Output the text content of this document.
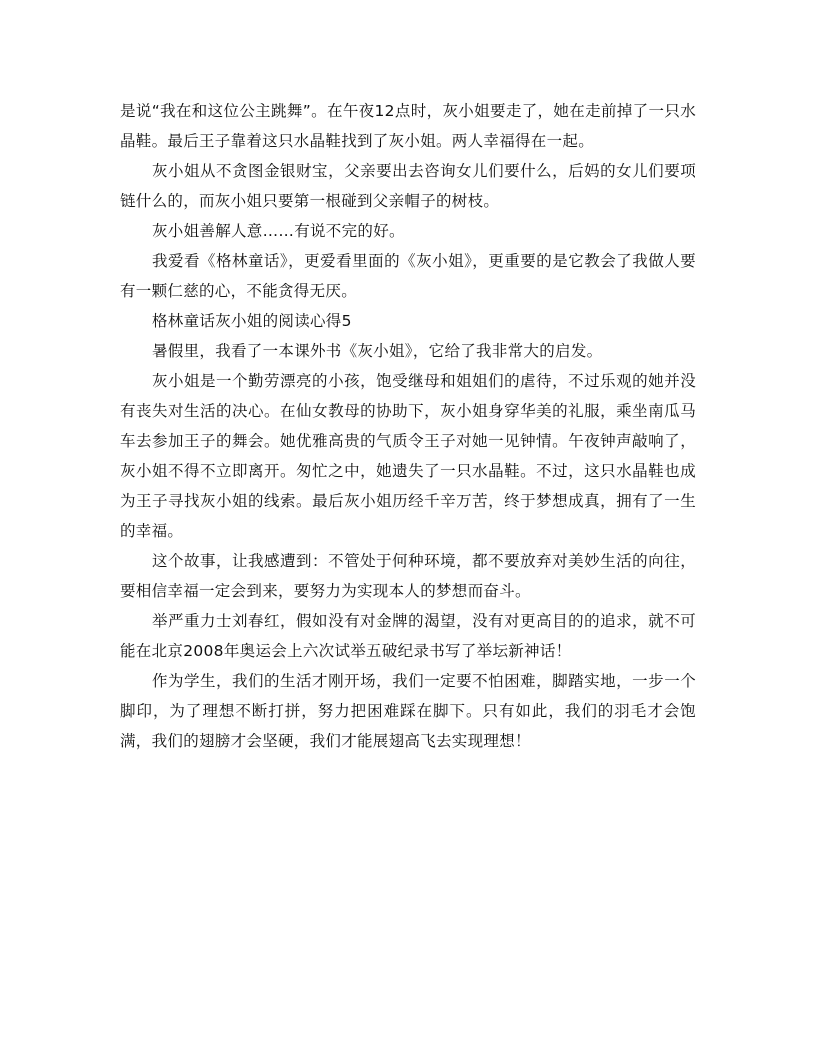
是说“我在和这位公主跳舞”。在午夜12点时，灰小姐要走了，她在走前掉了一只水晶鞋。最后王子靠着这只水晶鞋找到了灰小姐。两人幸福得在一起。

灰小姐从不贪图金银财宝，父亲要出去咨询女儿们要什么，后妈的女儿们要项链什么的，而灰小姐只要第一根碰到父亲帽子的树枝。

灰小姐善解人意……有说不完的好。

我爱看《格林童话》，更爱看里面的《灰小姐》，更重要的是它教会了我做人要有一颗仁慈的心，不能贪得无厌。

格林童话灰小姐的阅读心得5

暑假里，我看了一本课外书《灰小姐》，它给了我非常大的启发。

灰小姐是一个勤劳漂亮的小孩，饱受继母和姐姐们的虐待，不过乐观的她并没有丧失对生活的决心。在仙女教母的协助下，灰小姐身穿华美的礼服，乘坐南瓜马车去参加王子的舞会。她优雅高贵的气质令王子对她一见钟情。午夜钟声敲响了，灰小姐不得不立即离开。匆忙之中，她遗失了一只水晶鞋。不过，这只水晶鞋也成为王子寻找灰小姐的线索。最后灰小姐历经千辛万苦，终于梦想成真，拥有了一生的幸福。

这个故事，让我感遭到：不管处于何种环境，都不要放弃对美妙生活的向往，要相信幸福一定会到来，要努力为实现本人的梦想而奋斗。

举严重力士刘春红，假如没有对金牌的渴望，没有对更高目的的追求，就不可能在北京2008年奥运会上六次试举五破纪录书写了举坛新神话！

作为学生，我们的生活才刚开场，我们一定要不怕困难，脚踏实地，一步一个脚印，为了理想不断打拼，努力把困难踩在脚下。只有如此，我们的羽毛才会饱满，我们的翅膀才会坚硬，我们才能展翅高飞去实现理想！
